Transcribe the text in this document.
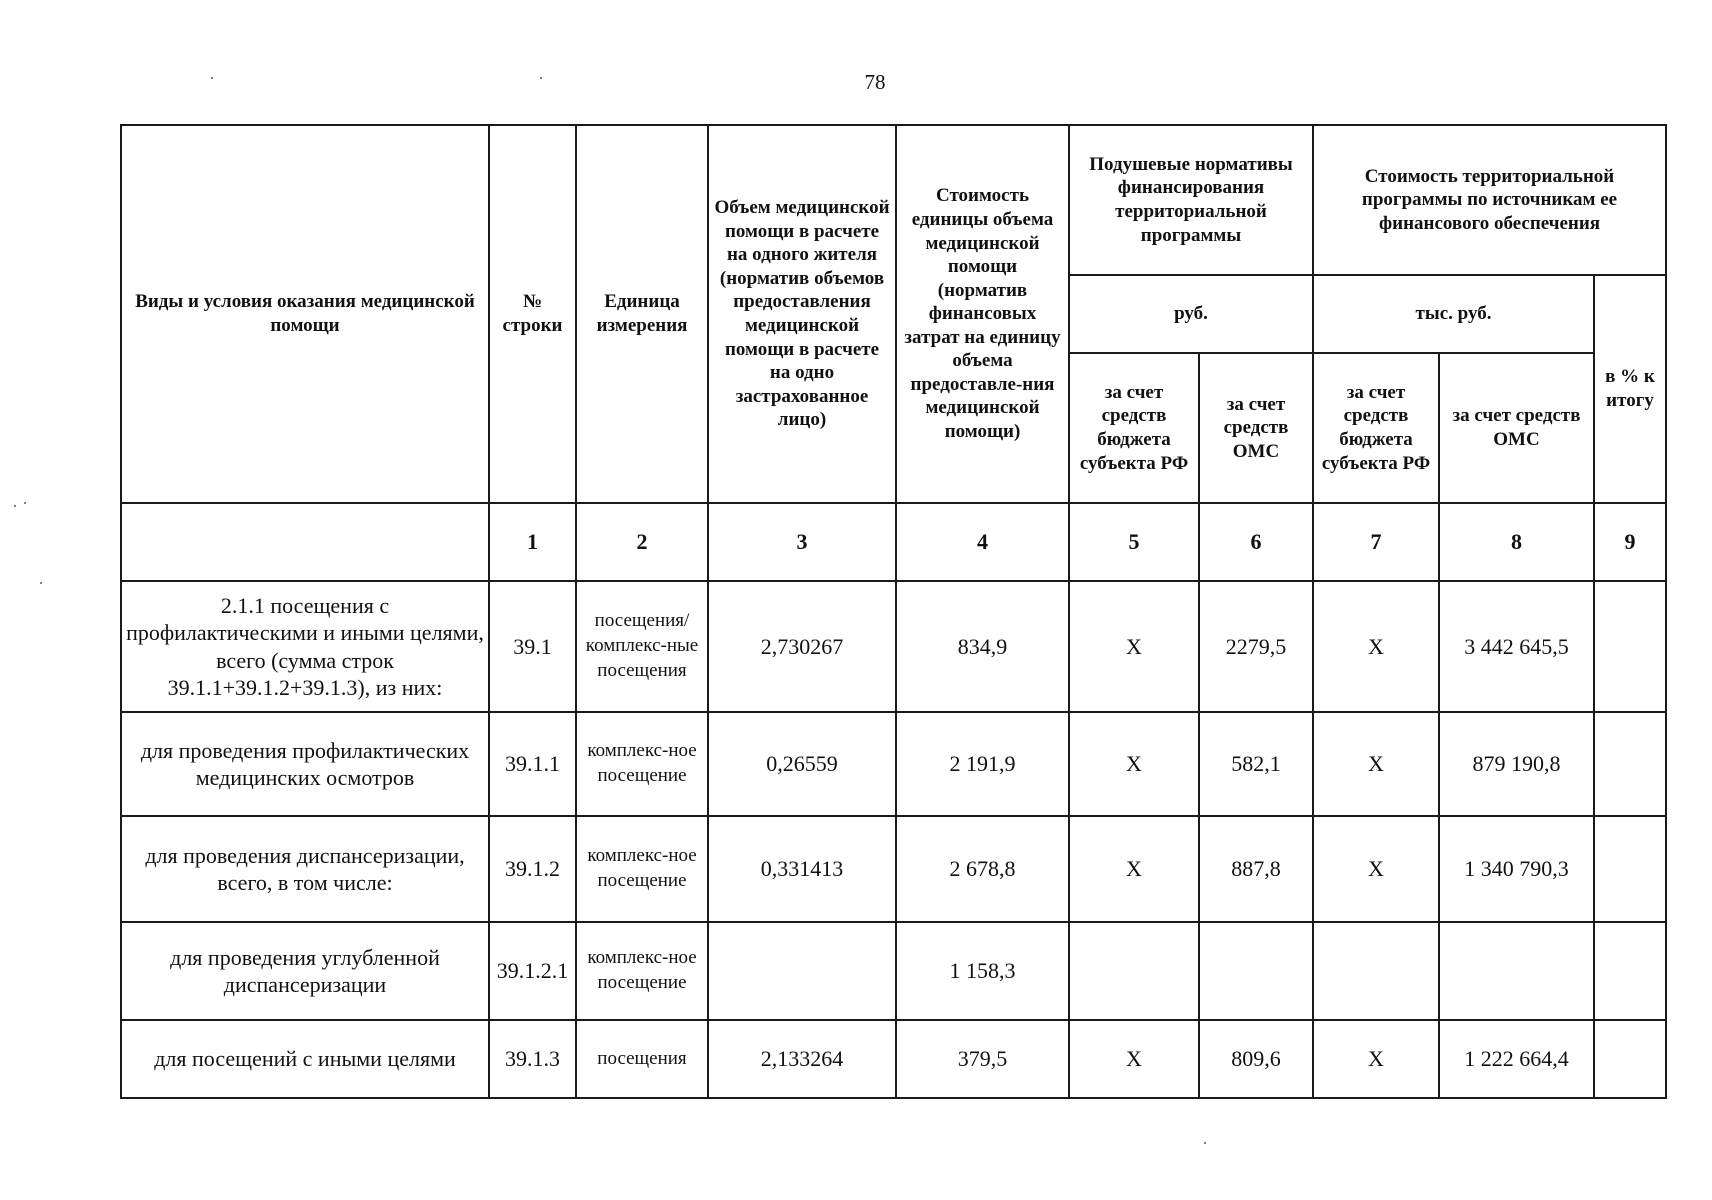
78
Виды и условия оказания медицинской помощи	№ строки	Единица измерения	Объем медицинской помощи в расчете на одного жителя (норматив объемов предоставления медицинской помощи в расчете на одно застрахованное лицо)	Стоимость единицы объема медицинской помощи (норматив финансовых затрат на единицу объема предоставле-ния медицинской помощи)	Подушевые нормативы финансирования территориальной программы		Стоимость территориальной программы по источникам ее финансового обеспечения		
					руб.		тыс. руб.		в % к итогу
					за счет средств бюджета субъекта РФ	за счет средств ОМС	за счет средств бюджета субъекта РФ	за счет средств ОМС	
	1	2	3	4	5	6	7	8	9
2.1.1 посещения с профилактическими и иными целями, всего (сумма строк 39.1.1+39.1.2+39.1.3), из них:	39.1	посещения/ комплекс-ные посещения	2,730267	834,9	X	2279,5	X	3 442 645,5	
для проведения профилактических медицинских осмотров	39.1.1	комплекс-ное посещение	0,26559	2 191,9	X	582,1	X	879 190,8	
для проведения диспансеризации, всего, в том числе:	39.1.2	комплекс-ное посещение	0,331413	2 678,8	X	887,8	X	1 340 790,3	
для проведения углубленной диспансеризации	39.1.2.1	комплекс-ное посещение		1 158,3					
для посещений с иными целями	39.1.3	посещения	2,133264	379,5	X	809,6	X	1 222 664,4	
